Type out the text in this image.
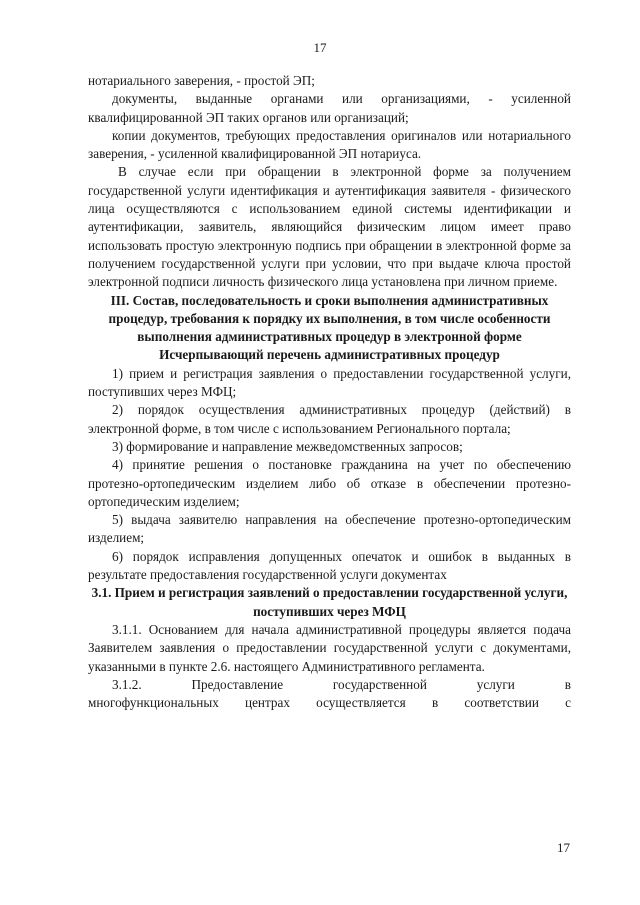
17

нотариального заверения, - простой ЭП;

документы, выданные органами или организациями, - усиленной квалифицированной ЭП таких органов или организаций;

копии документов, требующих предоставления оригиналов или нотариального заверения, - усиленной квалифицированной ЭП нотариуса.

В случае если при обращении в электронной форме за получением государственной услуги идентификация и аутентификация заявителя - физического лица осуществляются с использованием единой системы идентификации и аутентификации, заявитель, являющийся физическим лицом имеет право использовать простую электронную подпись при обращении в электронной форме за получением государственной услуги при условии, что при выдаче ключа простой электронной подписи личность физического лица установлена при личном приеме.

III. Состав, последовательность и сроки выполнения административных процедур, требования к порядку их выполнения, в том числе особенности выполнения административных процедур в электронной форме

Исчерпывающий перечень административных процедур

1) прием и регистрация заявления о предоставлении государственной услуги, поступивших через МФЦ;

2) порядок осуществления административных процедур (действий) в электронной форме, в том числе с использованием Регионального портала;

3) формирование и направление межведомственных запросов;

4) принятие решения о постановке гражданина на учет по обеспечению протезно-ортопедическим изделием либо об отказе в обеспечении протезно-ортопедическим изделием;

5) выдача заявителю направления на обеспечение протезно-ортопедическим изделием;

6) порядок исправления допущенных опечаток и ошибок в выданных в результате предоставления государственной услуги документах

3.1. Прием и регистрация заявлений о предоставлении государственной услуги, поступивших через МФЦ

3.1.1. Основанием для начала административной процедуры является подача Заявителем заявления о предоставлении государственной услуги с документами, указанными в пункте 2.6. настоящего Административного регламента.

3.1.2.	Предоставление	государственной	услуги	в
многофункциональных центрах осуществляется в соответствии с
17
